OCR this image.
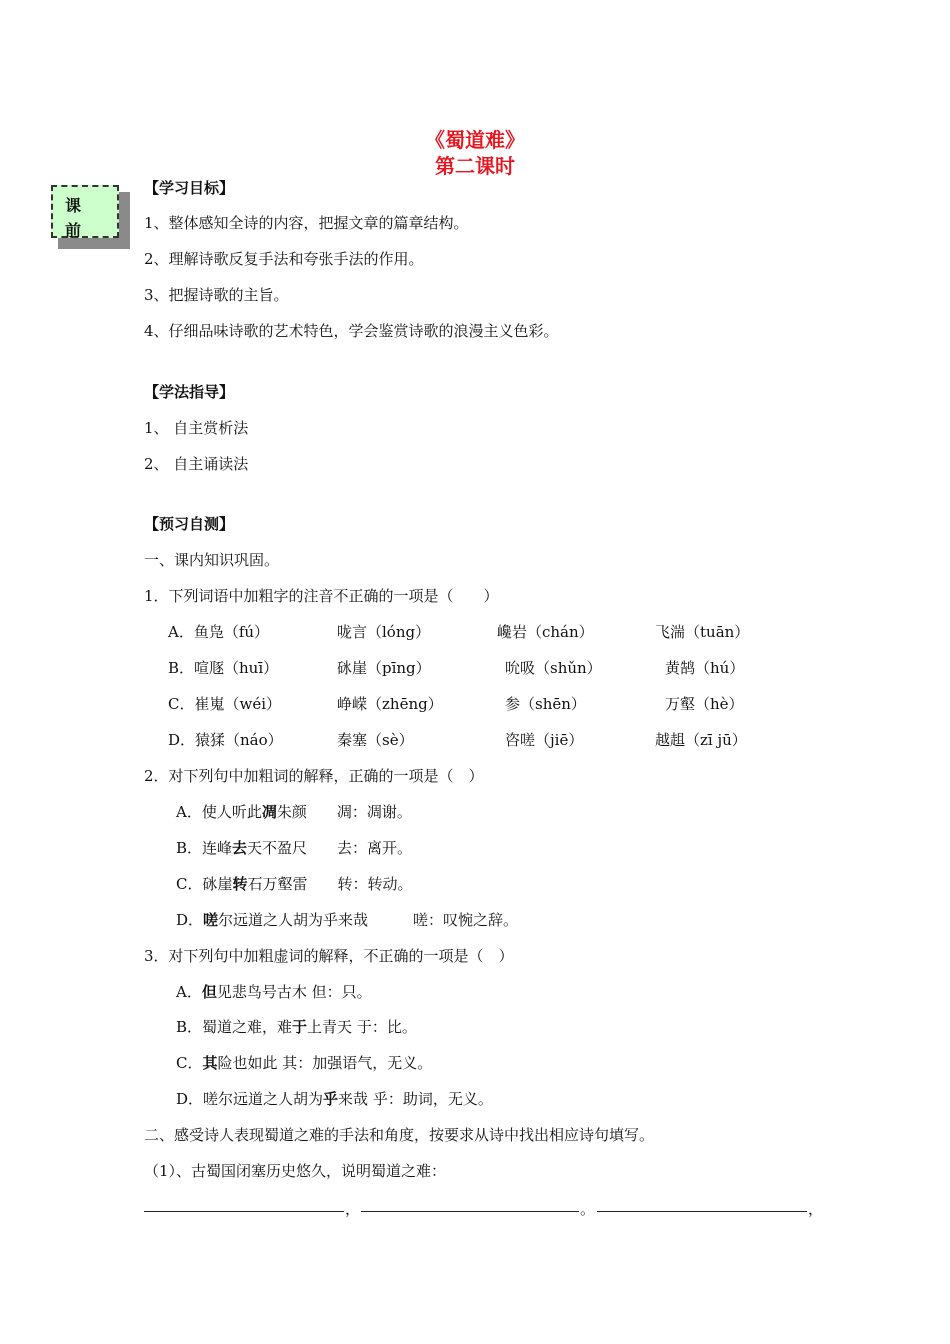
《蜀道难》
第二课时
课
前
【学习目标】
1、整体感知全诗的内容，把握文章的篇章结构。
2、理解诗歌反复手法和夸张手法的作用。
3、把握诗歌的主旨。
4、仔细品味诗歌的艺术特色，学会鉴赏诗歌的浪漫主义色彩。
【学法指导】
1、 自主赏析法
2、 自主诵读法
【预习自测】
一、课内知识巩固。
1．下列词语中加粗字的注音不正确的一项是（　　）
A．鱼凫（fú）	咙言（lóng）	巉岩（chán）	飞湍（tuān）
B．喧豗（huī）	砯崖（pīng）	吮吸（shǔn）	黄鹄（hú）
C．崔嵬（wéi）	峥嵘（zhēng）	参（shēn）	万壑（hè）
D．猿猱（náo）	秦塞（sè）	咨嗟（jiē）	越趄（zī jū）
2．对下列句中加粗词的解释，正确的一项是（　）
A．使人听此凋朱颜　　凋：凋谢。
B．连峰去天不盈尺　　去：离开。
C．砯崖转石万壑雷　　转：转动。
D．嗟尔远道之人胡为乎来哉　　　嗟：叹惋之辞。
3．对下列句中加粗虚词的解释，不正确的一项是（　）
A．但见悲鸟号古木 但：只。
B．蜀道之难，难于上青天 于：比。
C．其险也如此 其：加强语气，无义。
D．嗟尔远道之人胡为乎来哉 乎：助词，无义。
二、感受诗人表现蜀道之难的手法和角度，按要求从诗中找出相应诗句填写。
（1）、古蜀国闭塞历史悠久，说明蜀道之难：
，	。	，
